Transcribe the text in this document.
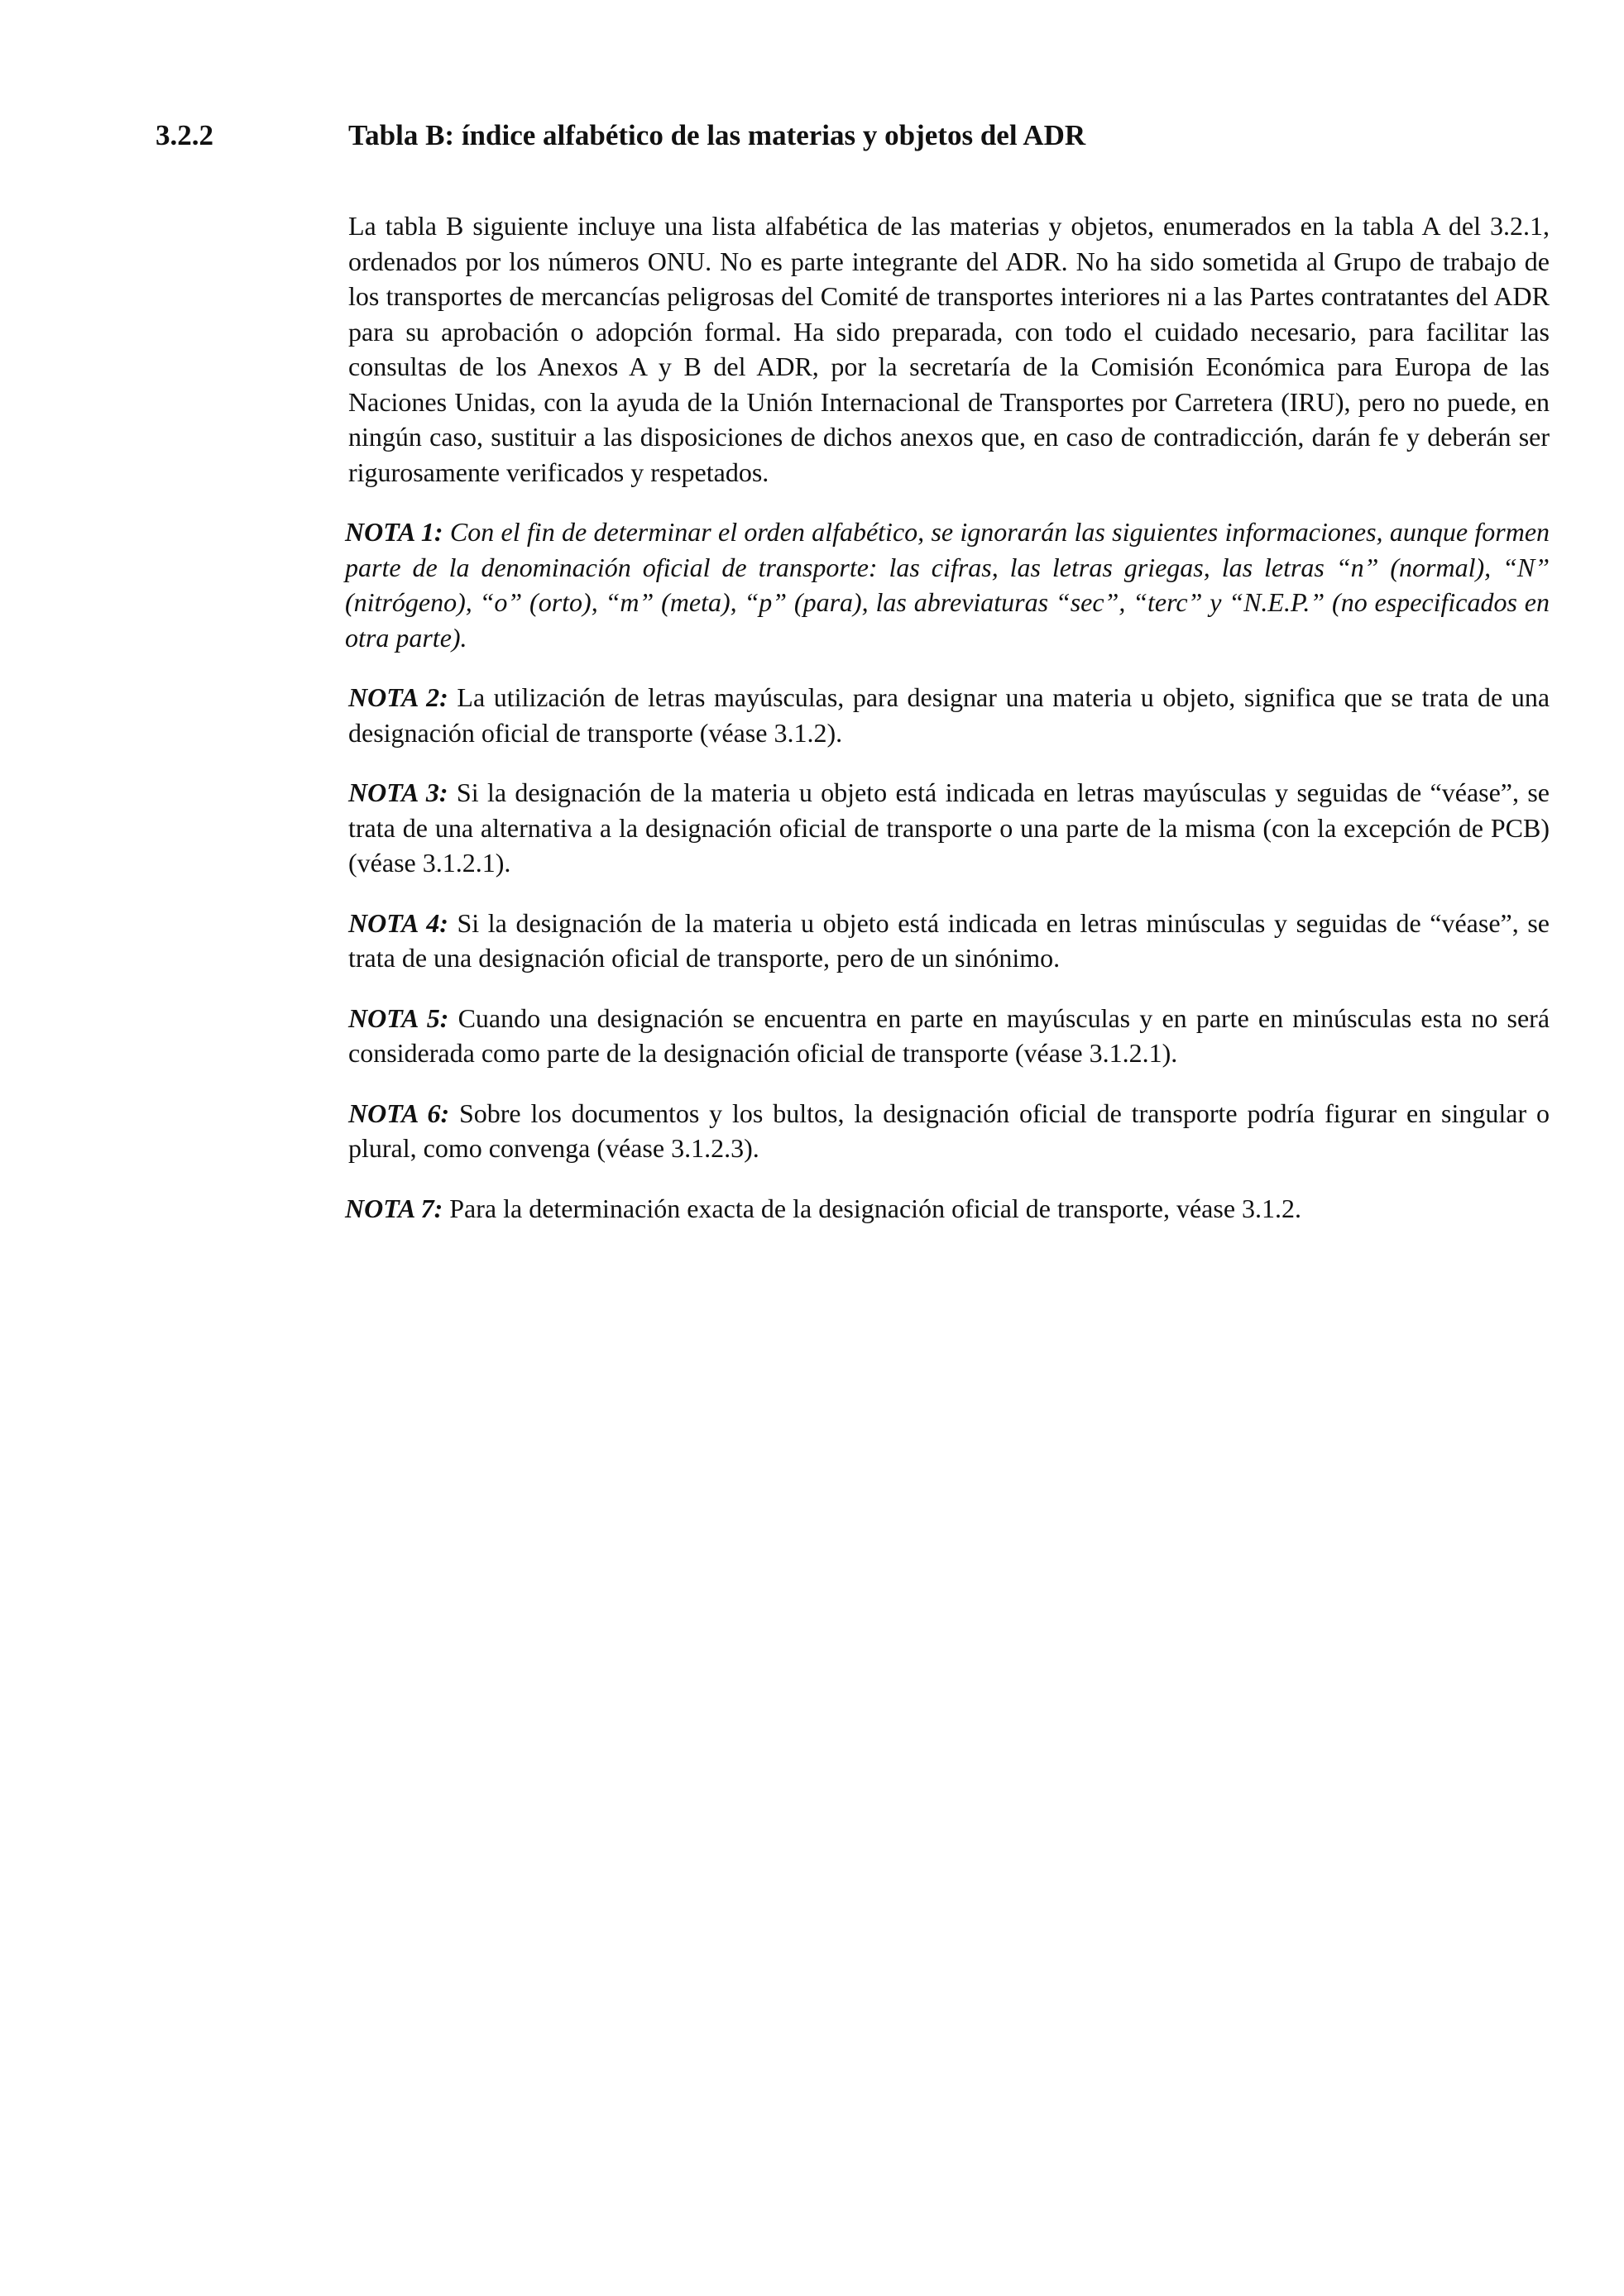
3.2.2	Tabla B: índice alfabético de las materias y objetos del ADR

La tabla B siguiente incluye una lista alfabética de las materias y objetos, enumerados en la tabla A del 3.2.1, ordenados por los números ONU. No es parte integrante del ADR. No ha sido sometida al Grupo de trabajo de los transportes de mercancías peligrosas del Comité de transportes interiores ni a las Partes contratantes del ADR para su aprobación o adopción formal. Ha sido preparada, con todo el cuidado necesario, para facilitar las consultas de los Anexos A y B del ADR, por la secretaría de la Comisión Económica para Europa de las Naciones Unidas, con la ayuda de la Unión Internacional de Transportes por Carretera (IRU), pero no puede, en ningún caso, sustituir a las disposiciones de dichos anexos que, en caso de contradicción, darán fe y deberán ser rigurosamente verificados y respetados.

NOTA 1: Con el fin de determinar el orden alfabético, se ignorarán las siguientes informaciones, aunque formen parte de la denominación oficial de transporte: las cifras, las letras griegas, las letras “n” (normal), “N” (nitrógeno), “o” (orto), “m” (meta), “p” (para), las abreviaturas “sec”, “terc” y “N.E.P.” (no especificados en otra parte).

NOTA 2: La utilización de letras mayúsculas, para designar una materia u objeto, significa que se trata de una designación oficial de transporte (véase 3.1.2).

NOTA 3: Si la designación de la materia u objeto está indicada en letras mayúsculas y seguidas de “véase”, se trata de una alternativa a la designación oficial de transporte o una parte de la misma (con la excepción de PCB) (véase 3.1.2.1).

NOTA 4: Si la designación de la materia u objeto está indicada en letras minúsculas y seguidas de “véase”, se trata de una designación oficial de transporte, pero de un sinónimo.

NOTA 5: Cuando una designación se encuentra en parte en mayúsculas y en parte en minúsculas esta no será considerada como parte de la designación oficial de transporte (véase 3.1.2.1).

NOTA 6: Sobre los documentos y los bultos, la designación oficial de transporte podría figurar en singular o plural, como convenga (véase 3.1.2.3).

NOTA 7: Para la determinación exacta de la designación oficial de transporte, véase 3.1.2.
